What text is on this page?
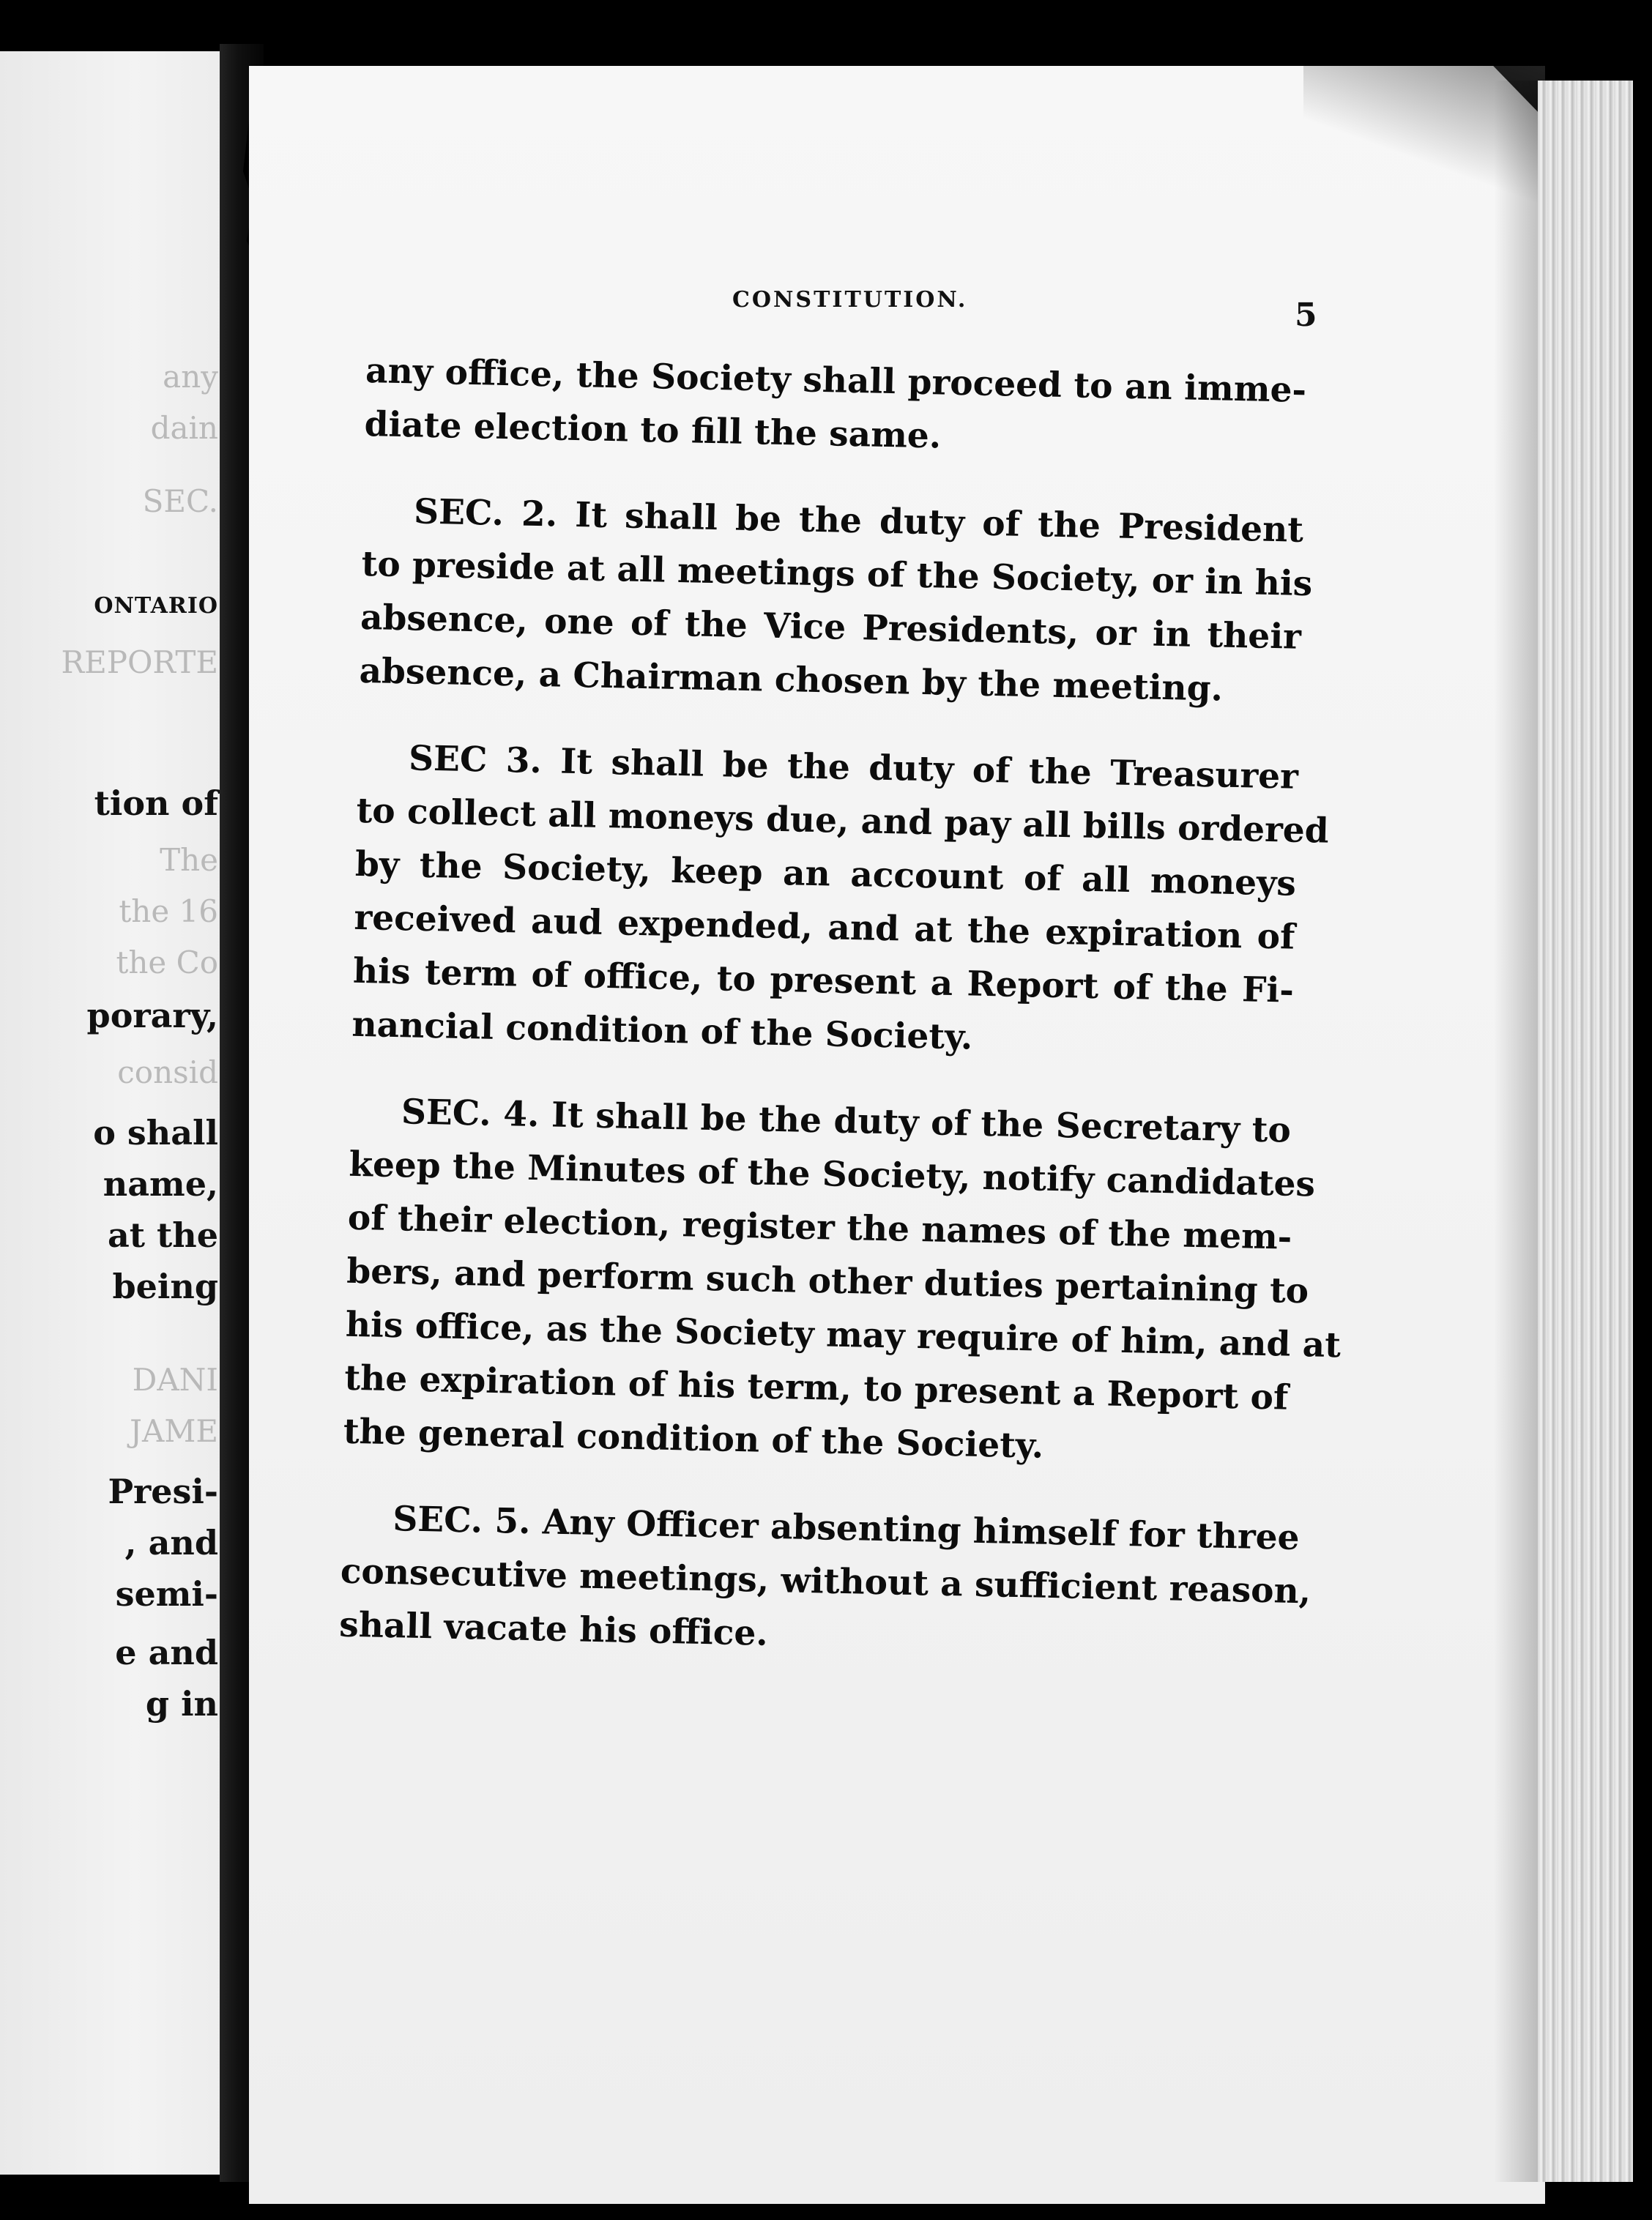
any
dain
SEC.
ONTARIO
REPORTE
tion of
The
the 16
the Co
porary,
consid
o shall
name,
at the
being
DANI
JAME
Presi-
, and
semi-
e and
g in
CONSTITUTION.	5
any office, the Society shall proceed to an imme-
diate election to fill the same.
SEC. 2. It shall be the duty of the President
to preside at all meetings of the Society, or in his
absence, one of the Vice Presidents, or in their
absence, a Chairman chosen by the meeting.
SEC 3. It shall be the duty of the Treasurer
to collect all moneys due, and pay all bills ordered
by the Society, keep an account of all moneys
received aud expended, and at the expiration of
his term of office, to present a Report of the Fi-
nancial condition of the Society.
SEC. 4. It shall be the duty of the Secretary to
keep the Minutes of the Society, notify candidates
of their election, register the names of the mem-
bers, and perform such other duties pertaining to
his office, as the Society may require of him, and at
the expiration of his term, to present a Report of
the general condition of the Society.
SEC. 5. Any Officer absenting himself for three
consecutive meetings, without a sufficient reason,
shall vacate his office.
